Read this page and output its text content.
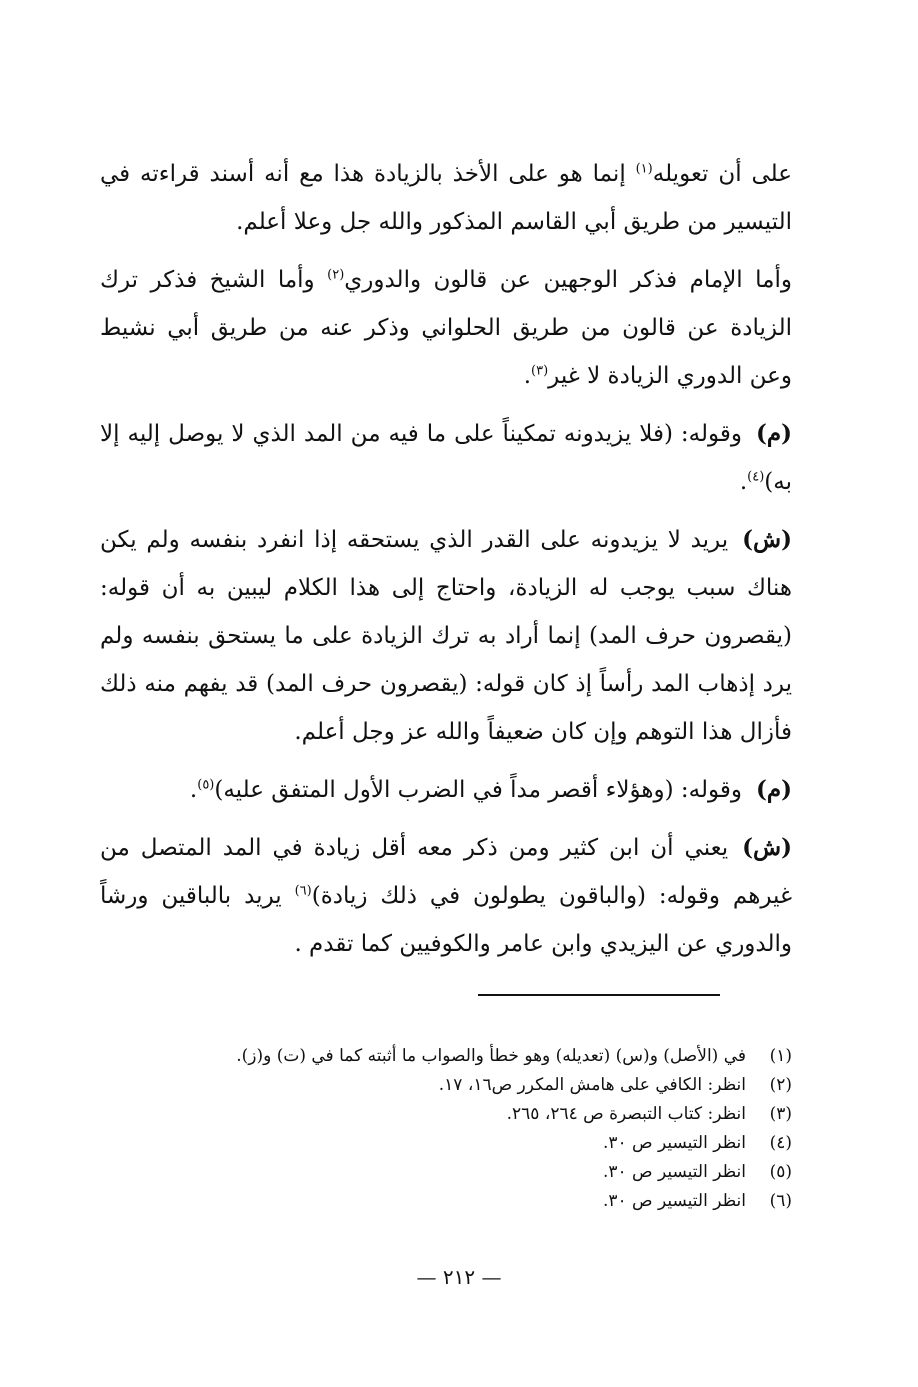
على أن تعويله$^{(١)}$ إنما هو على الأخذ بالزيادة هذا مع أنه أسند قراءته في التيسير من طريق أبي القاسم المذكور والله جل وعلا أعلم.

وأما الإمام فذكر الوجهين عن قالون والدوري$^{(٢)}$ وأما الشيخ فذكر ترك الزيادة عن قالون من طريق الحلواني وذكر عنه من طريق أبي نشيط وعن الدوري الزيادة لا غير$^{(٣)}$.

(م)وقوله: (فلا يزيدونه تمكيناً على ما فيه من المد الذي لا يوصل إليه إلا به)$^{(٤)}$.

(ش)يريد لا يزيدونه على القدر الذي يستحقه إذا انفرد بنفسه ولم يكن هناك سبب يوجب له الزيادة، واحتاج إلى هذا الكلام ليبين به أن قوله: (يقصرون حرف المد) إنما أراد به ترك الزيادة على ما يستحق بنفسه ولم يرد إذهاب المد رأساً إذ كان قوله: (يقصرون حرف المد) قد يفهم منه ذلك فأزال هذا التوهم وإن كان ضعيفاً والله عز وجل أعلم.

(م)وقوله: (وهؤلاء أقصر مداً في الضرب الأول المتفق عليه)$^{(٥)}$.

(ش)يعني أن ابن كثير ومن ذكر معه أقل زيادة في المد المتصل من غيرهم وقوله: (والباقون يطولون في ذلك زيادة)$^{(٦)}$ يريد بالباقين ورشاً والدوري عن اليزيدي وابن عامر والكوفيين كما تقدم .

(١)في (الأصل) و(س) (تعديله) وهو خطأ والصواب ما أثبته كما في (ت) و(ز).
(٢)انظر: الكافي على هامش المكرر ص١٦، ١٧.
(٣)انظر: كتاب التبصرة ص ٢٦٤، ٢٦٥.
(٤)انظر التيسير ص ٣٠.
(٥)انظر التيسير ص ٣٠.
(٦)انظر التيسير ص ٣٠.
— ٢١٢ —
